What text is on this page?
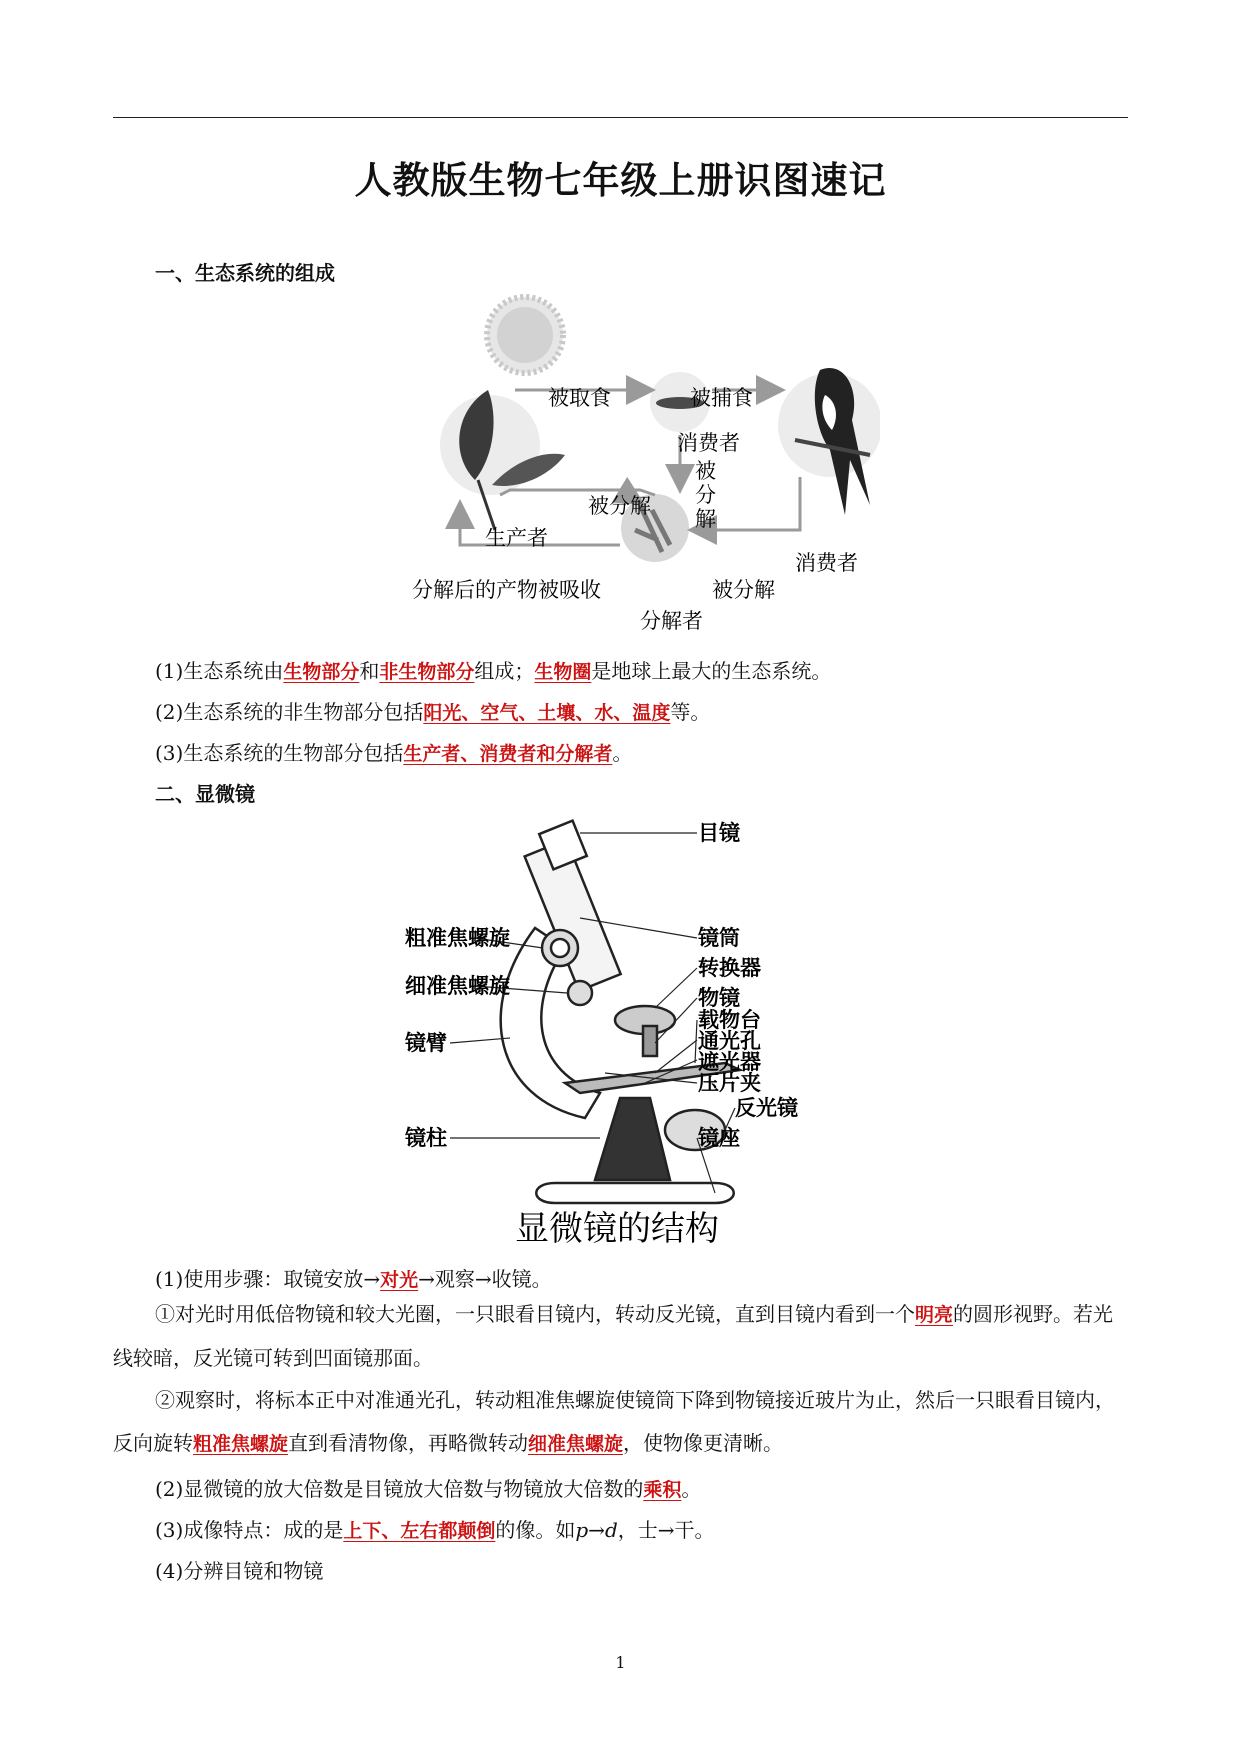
人教版生物七年级上册识图速记
一、生态系统的组成
被取食	被捕食
消费者
被
分
解
被分解
生产者
消费者
分解后的产物被吸收	被分解
分解者
(1)生态系统由生物部分和非生物部分组成；生物圈是地球上最大的生态系统。
(2)生态系统的非生物部分包括阳光、空气、土壤、水、温度等。
(3)生态系统的生物部分包括生产者、消费者和分解者。
二、显微镜
粗准焦螺旋
细准焦螺旋
镜臂
镜柱
目镜
镜筒
转换器
物镜
载物台
通光孔
遮光器
压片夹
反光镜
镜座
显微镜的结构
(1)使用步骤：取镜安放→对光→观察→收镜。
①对光时用低倍物镜和较大光圈，一只眼看目镜内，转动反光镜，直到目镜内看到一个明亮的圆形视野。若光线较暗，反光镜可转到凹面镜那面。
②观察时，将标本正中对准通光孔，转动粗准焦螺旋使镜筒下降到物镜接近玻片为止，然后一只眼看目镜内，反向旋转粗准焦螺旋直到看清物像，再略微转动细准焦螺旋，使物像更清晰。
(2)显微镜的放大倍数是目镜放大倍数与物镜放大倍数的乘积。
(3)成像特点：成的是上下、左右都颠倒的像。如p→d，士→干。
(4)分辨目镜和物镜
1
